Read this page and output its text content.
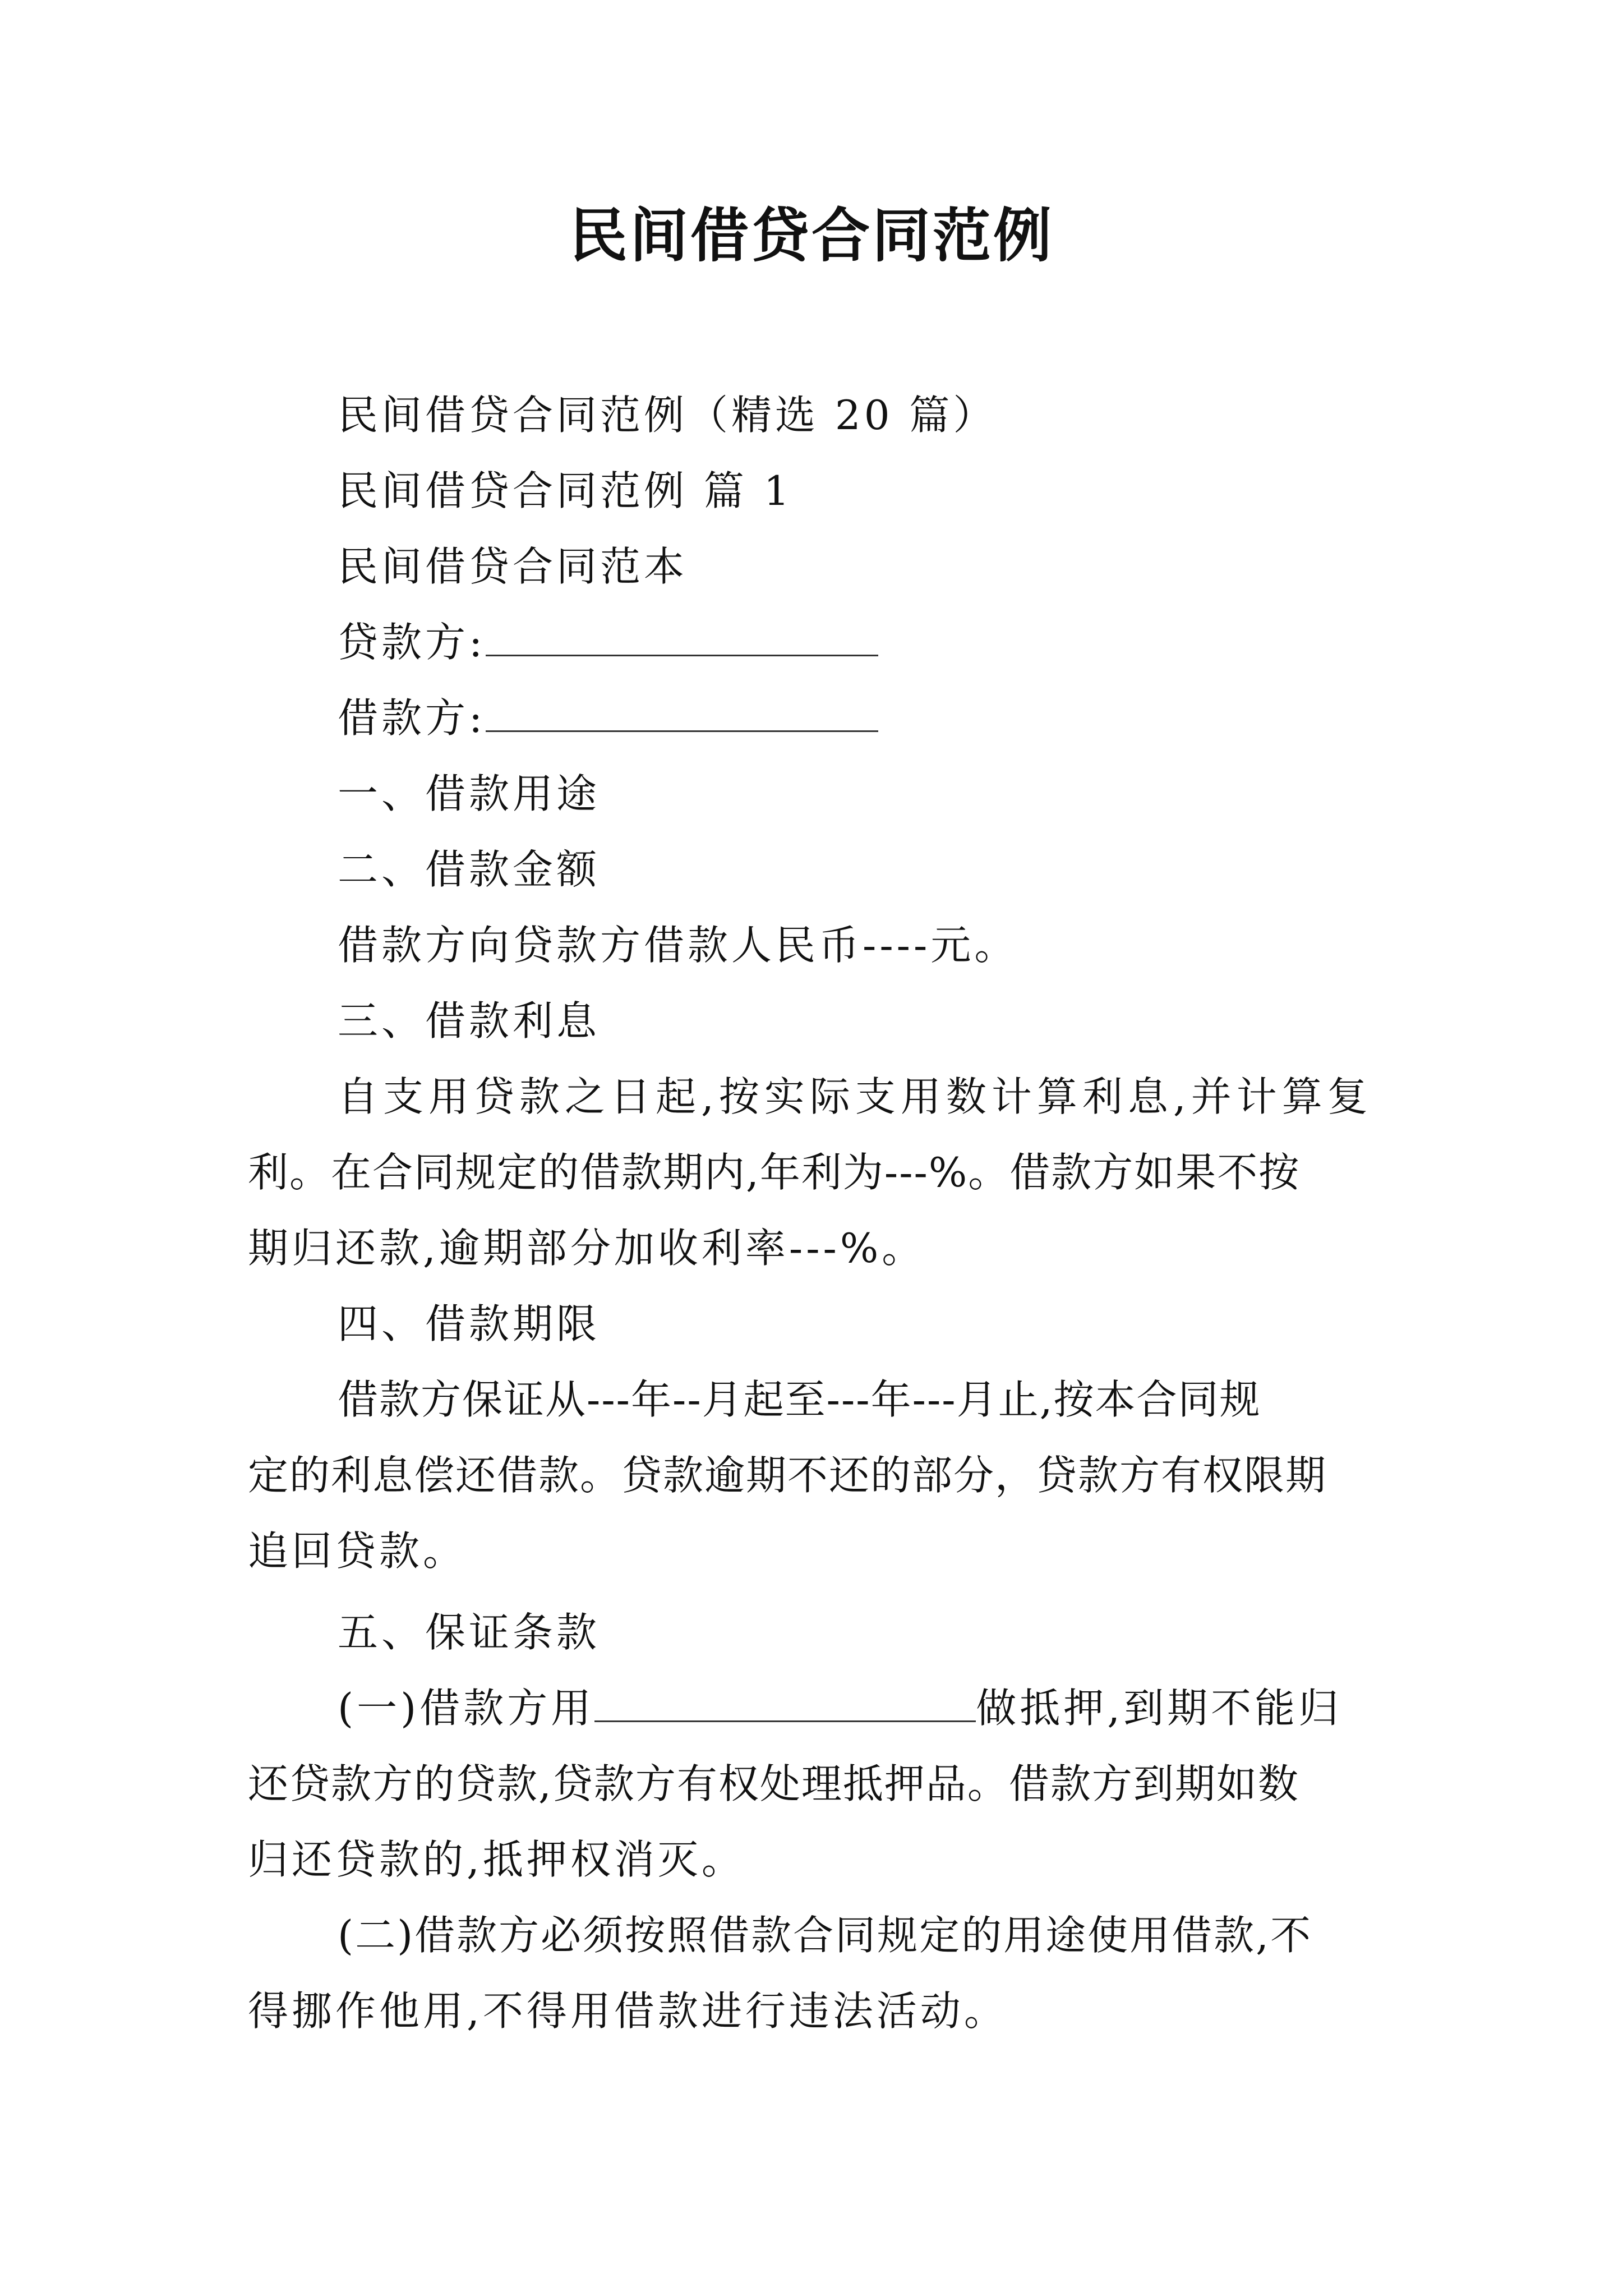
民间借贷合同范例
民间借贷合同范例（精选 20 篇）
民间借贷合同范例 篇 1
民间借贷合同范本
贷款方:
借款方:
一、借款用途
二、借款金额
借款方向贷款方借款人民币----元。
三、借款利息
自支用贷款之日起,按实际支用数计算利息,并计算复
利。在合同规定的借款期内,年利为---%。借款方如果不按
期归还款,逾期部分加收利率---%。
四、借款期限
借款方保证从---年--月起至---年---月止,按本合同规
定的利息偿还借款。贷款逾期不还的部分，贷款方有权限期
追回贷款。
五、保证条款
(一)借款方用	做抵押,到期不能归
还贷款方的贷款,贷款方有权处理抵押品。借款方到期如数
归还贷款的,抵押权消灭。
(二)借款方必须按照借款合同规定的用途使用借款,不
得挪作他用,不得用借款进行违法活动。
